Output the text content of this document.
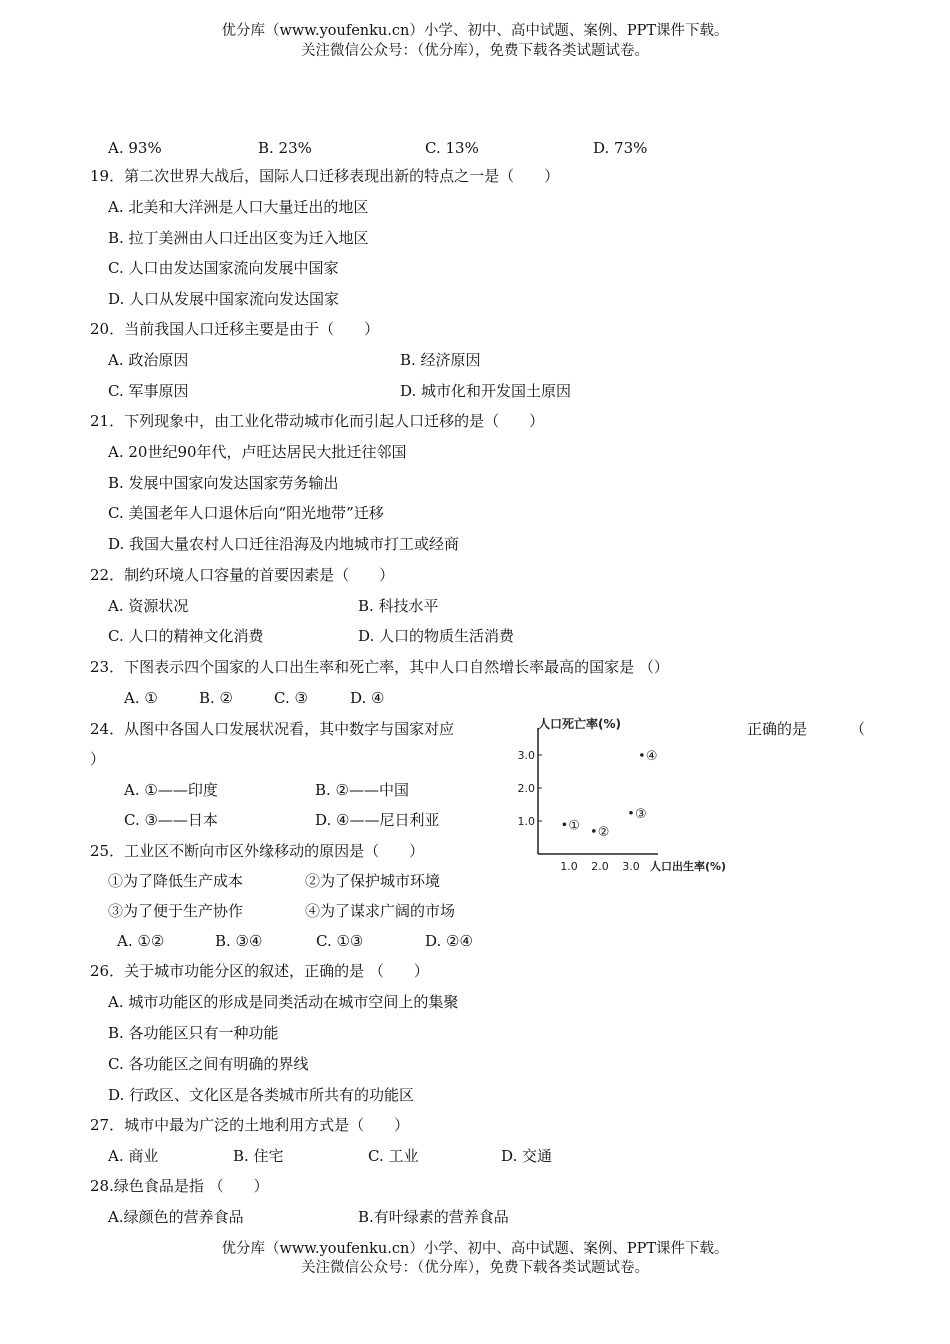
优分库（www.youfenku.cn）小学、初中、高中试题、案例、PPT课件下载。
关注微信公众号：（优分库），免费下载各类试题试卷。
A. 93%	B. 23%	C. 13%	D. 73%
19．第二次世界大战后，国际人口迁移表现出新的特点之一是（　　）
A. 北美和大洋洲是人口大量迁出的地区
B. 拉丁美洲由人口迁出区变为迁入地区
C. 人口由发达国家流向发展中国家
D. 人口从发展中国家流向发达国家
20．当前我国人口迁移主要是由于（　　）
A. 政治原因	B. 经济原因
C. 军事原因	D. 城市化和开发国土原因
21．下列现象中，由工业化带动城市化而引起人口迁移的是（　　）
A. 20世纪90年代，卢旺达居民大批迁往邻国
B. 发展中国家向发达国家劳务输出
C. 美国老年人口退休后向“阳光地带”迁移
D. 我国大量农村人口迁往沿海及内地城市打工或经商
22．制约环境人口容量的首要因素是（　　）
A. 资源状况	B. 科技水平
C. 人口的精神文化消费	D. 人口的物质生活消费
23．下图表示四个国家的人口出生率和死亡率，其中人口自然增长率最高的国家是 （）
A. ①	B. ②	C. ③	D. ④
24．从图中各国人口发展状况看，其中数字与国家对应	正确的是	（
）
A. ①——印度	B. ②——中国
C. ③——日本	D. ④——尼日利亚
人口死亡率(%)
人口出生率(%)
1.0
2.0
3.0
1.0 2.0 3.0
① ②
③
④
25．工业区不断向市区外缘移动的原因是（　　）
①为了降低生产成本	②为了保护城市环境
③为了便于生产协作	④为了谋求广阔的市场
A. ①②	B. ③④	C. ①③	D. ②④
26．关于城市功能分区的叙述，正确的是 （　　）
A. 城市功能区的形成是同类活动在城市空间上的集聚
B. 各功能区只有一种功能
C. 各功能区之间有明确的界线
D. 行政区、文化区是各类城市所共有的功能区
27．城市中最为广泛的土地利用方式是（　　）
A. 商业	B. 住宅	C. 工业	D. 交通
28.绿色食品是指 （　　）
A.绿颜色的营养食品	B.有叶绿素的营养食品
优分库（www.youfenku.cn）小学、初中、高中试题、案例、PPT课件下载。
关注微信公众号：（优分库），免费下载各类试题试卷。
